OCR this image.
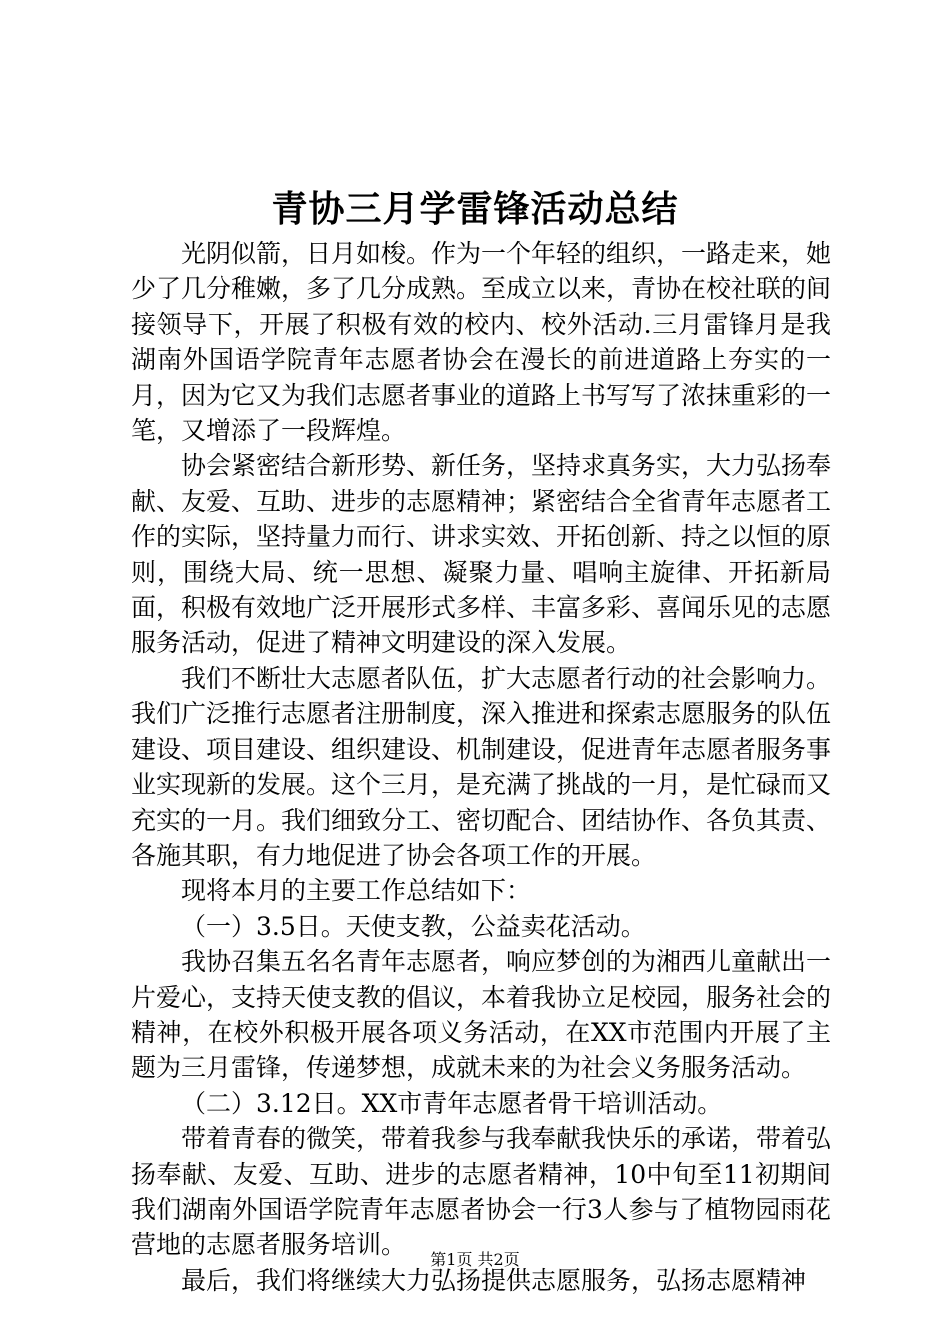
青协三月学雷锋活动总结

光阴似箭，日月如梭。作为一个年轻的组织，一路走来，她少了几分稚嫩，多了几分成熟。至成立以来，青协在校社联的间接领导下，开展了积极有效的校内、校外活动.三月雷锋月是我湖南外国语学院青年志愿者协会在漫长的前进道路上夯实的一月，因为它又为我们志愿者事业的道路上书写写了浓抹重彩的一笔，又增添了一段辉煌。

协会紧密结合新形势、新任务，坚持求真务实，大力弘扬奉献、友爱、互助、进步的志愿精神；紧密结合全省青年志愿者工作的实际，坚持量力而行、讲求实效、开拓创新、持之以恒的原则，围绕大局、统一思想、凝聚力量、唱响主旋律、开拓新局面，积极有效地广泛开展形式多样、丰富多彩、喜闻乐见的志愿服务活动，促进了精神文明建设的深入发展。

我们不断壮大志愿者队伍，扩大志愿者行动的社会影响力。我们广泛推行志愿者注册制度，深入推进和探索志愿服务的队伍建设、项目建设、组织建设、机制建设，促进青年志愿者服务事业实现新的发展。这个三月，是充满了挑战的一月，是忙碌而又充实的一月。我们细致分工、密切配合、团结协作、各负其责、各施其职，有力地促进了协会各项工作的开展。

现将本月的主要工作总结如下：

（一）3.5日。天使支教，公益卖花活动。

我协召集五名名青年志愿者，响应梦创的为湘西儿童献出一片爱心，支持天使支教的倡议，本着我协立足校园，服务社会的精神，在校外积极开展各项义务活动，在XX市范围内开展了主题为三月雷锋，传递梦想，成就未来的为社会义务服务活动。

（二）3.12日。XX市青年志愿者骨干培训活动。

带着青春的微笑，带着我参与我奉献我快乐的承诺，带着弘扬奉献、友爱、互助、进步的志愿者精神，10中旬至11初期间我们湖南外国语学院青年志愿者协会一行3人参与了植物园雨花营地的志愿者服务培训。

最后，我们将继续大力弘扬提供志愿服务，弘扬志愿精神

第1页 共2页
